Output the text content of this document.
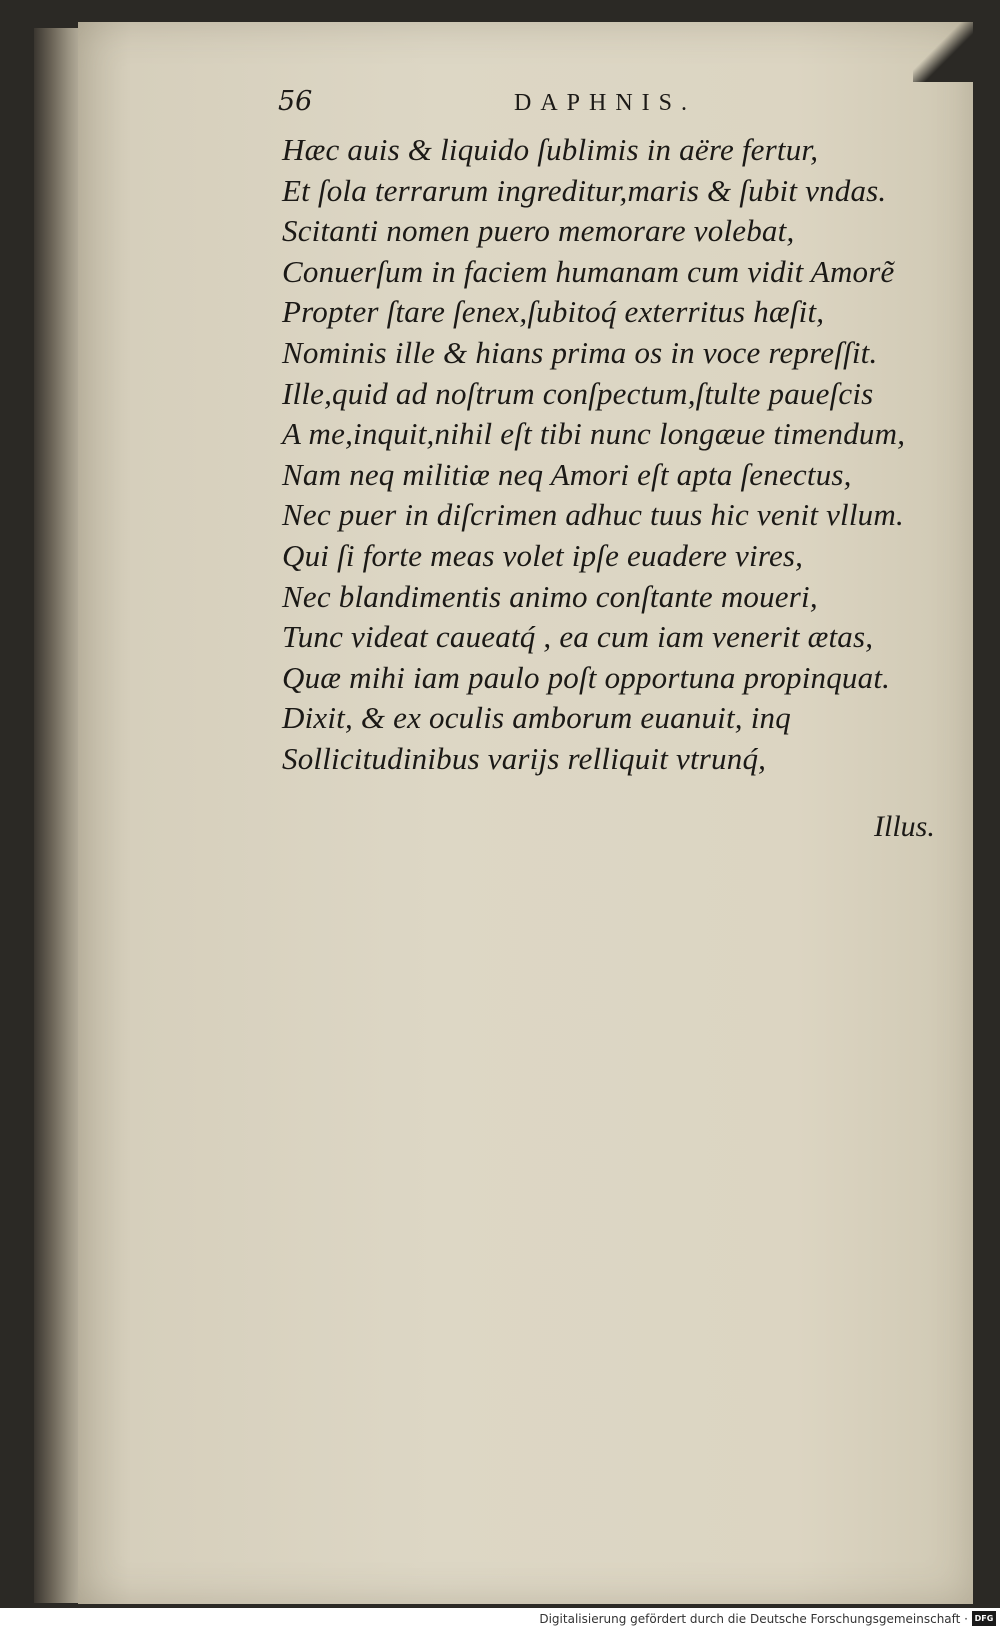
56	DAPHNIS.
Hæc auis & liquido ſublimis in aëre fertur,
Et ſola terrarum ingreditur,maris & ſubit vndas.
Scitanti nomen puero memorare volebat,
Conuerſum in faciem humanam cum vidit Amorẽ
Propter ſtare ſenex,ſubitoq́ exterritus hæſit,
Nominis ille & hians prima os in voce repreſſit.
Ille,quid ad noſtrum conſpectum,ſtulte paueſcis
A me,inquit,nihil eſt tibi nunc longæue timendum,
Nam neq militiæ neq Amori eſt apta ſenectus,
Nec puer in diſcrimen adhuc tuus hic venit vllum.
Qui ſi forte meas volet ipſe euadere vires,
Nec blandimentis animo conſtante moueri,
Tunc videat caueatq́ , ea cum iam venerit ætas,
Quæ mihi iam paulo poſt opportuna propinquat.
Dixit, & ex oculis amborum euanuit, inq
Sollicitudinibus varijs relliquit vtrunq́,
Illus.
Digitalisierung gefördert durch die Deutsche Forschungsgemeinschaft · DFG
